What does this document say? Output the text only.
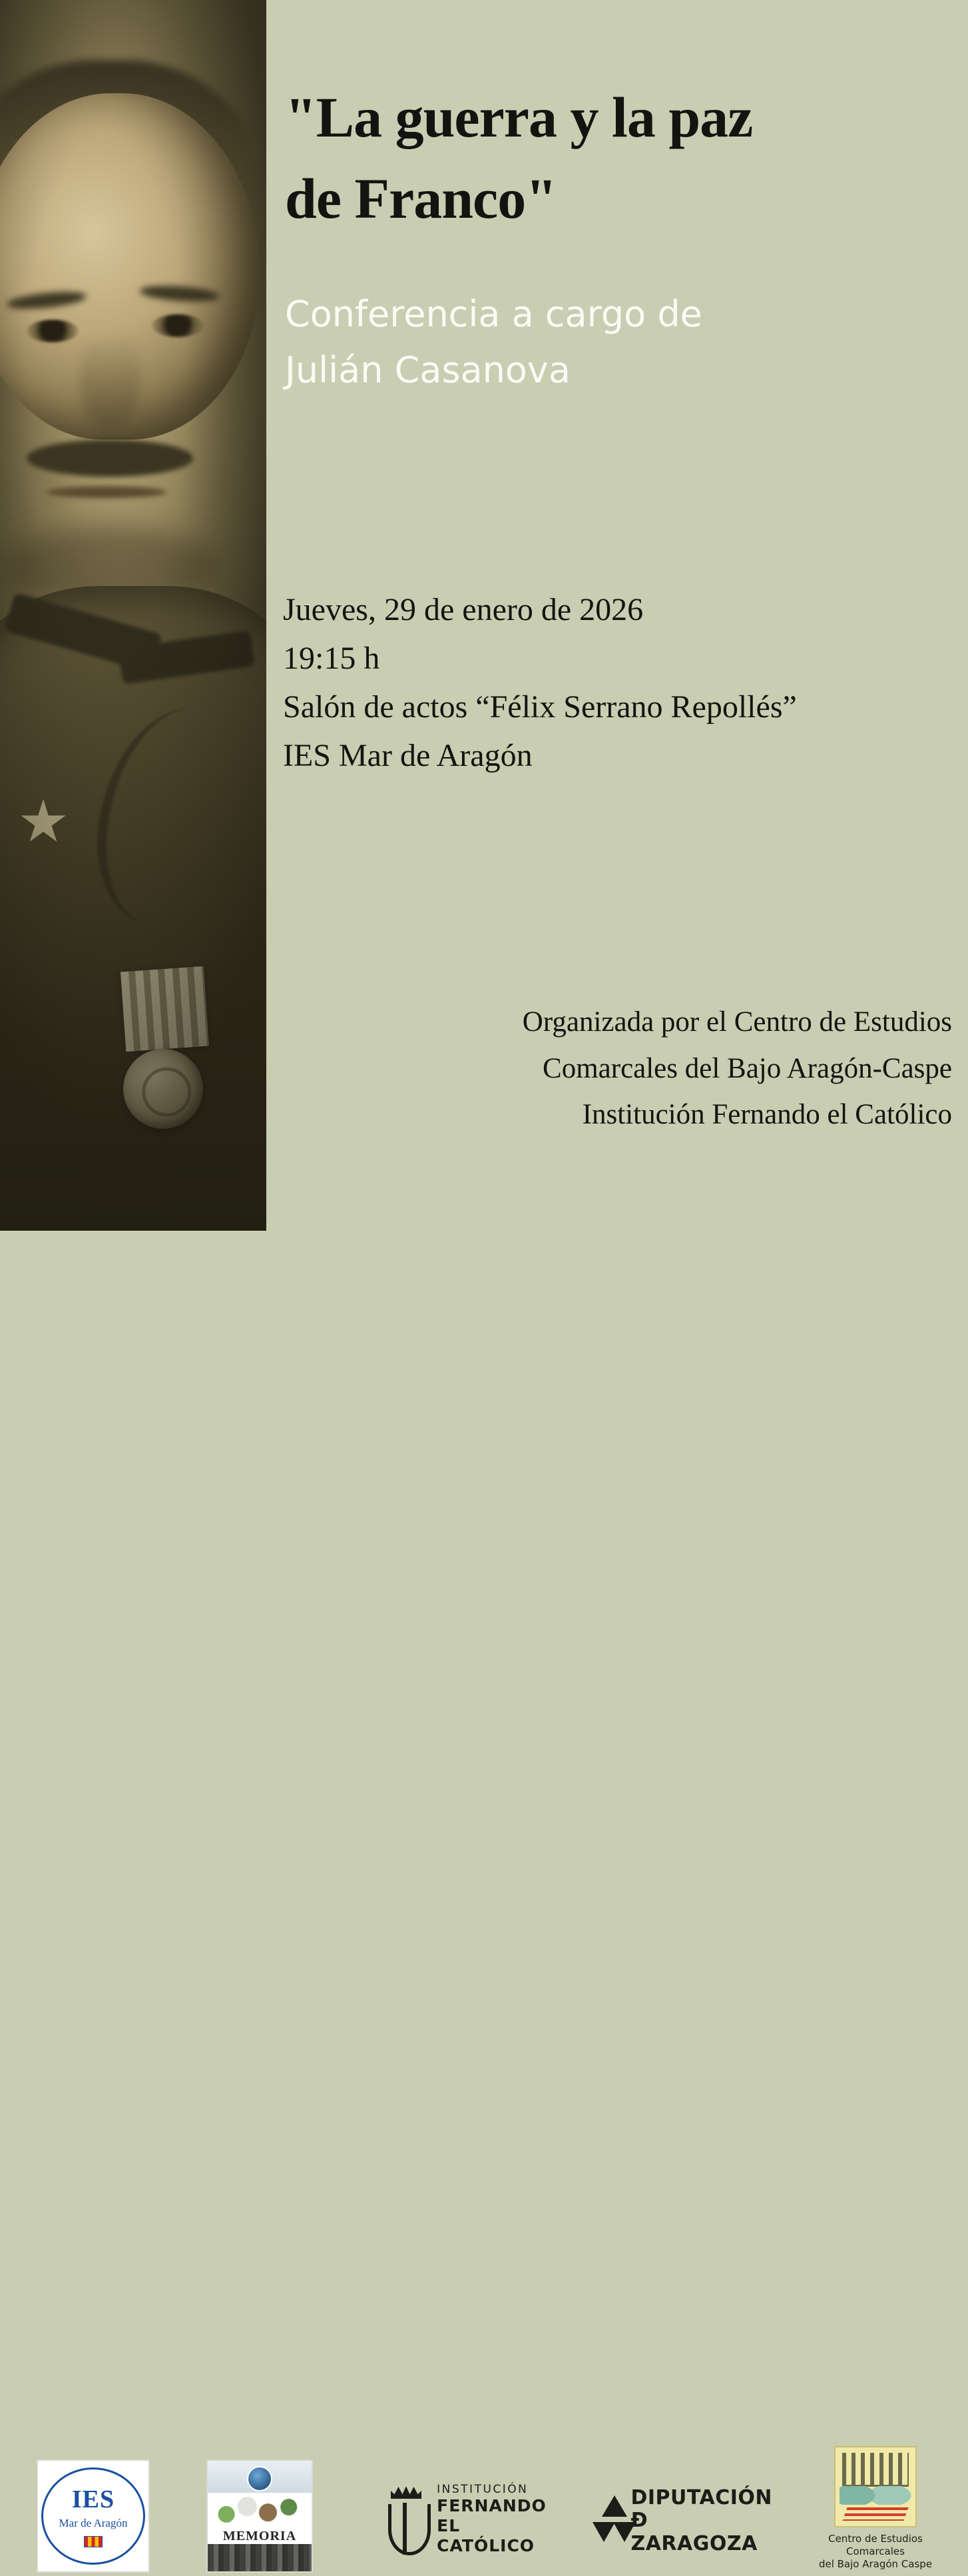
"La guerra y la paz
de Franco"
Conferencia a cargo de
Julián Casanova
Jueves, 29 de enero de 2026
19:15 h
Salón de actos “Félix Serrano Repollés”
IES Mar de Aragón
Organizada por el Centro de Estudios
Comarcales del Bajo Aragón-Caspe
Institución Fernando el Católico
IES
Mar de Aragón
MEMORIA
INSTITUCIÓN
FERNANDO
EL CATÓLICO
DIPUTACIÓN
Ð ZARAGOZA	Centro de Estudios Comarcales
del Bajo Aragón Caspe
